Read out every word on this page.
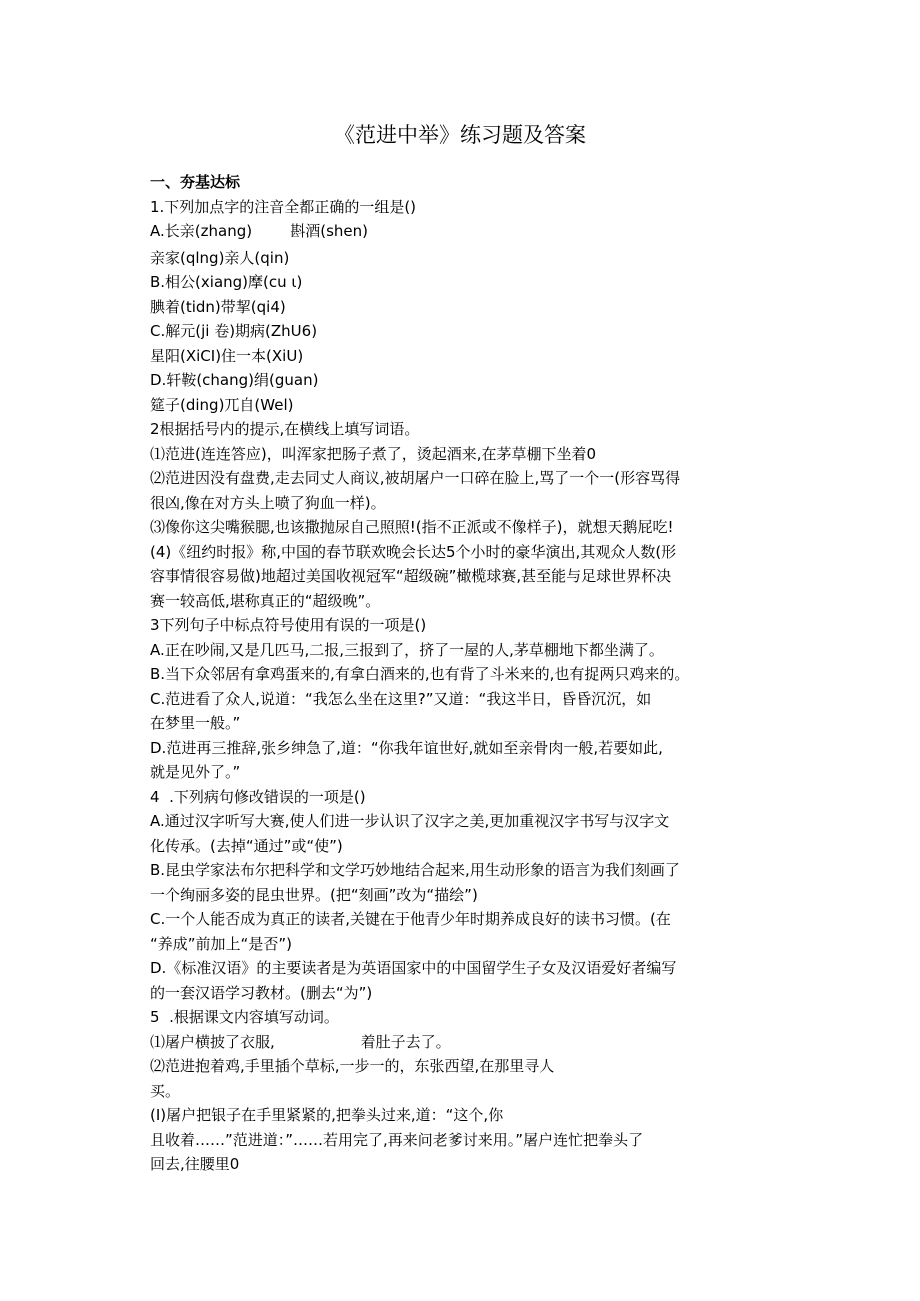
《范进中举》练习题及答案
一、夯基达标
1.下列加点字的注音全都正确的一组是()
A.长亲(zhang)        斟酒(shen)
亲家(qlng)亲人(qin)
B.相公(xiang)摩(cu ι)
腆着(tidn)带挈(qi4)
C.解元(ji 卷)期病(ZhU6)
星阳(XiCI)住一本(XiU)
D.轩鞍(chang)绢(guan)
筵子(ding)兀自(Wel)
2根据括号内的提示,在横线上填写词语。
⑴范进(连连答应)，叫浑家把肠子煮了，烫起酒来,在茅草棚下坐着0
⑵范进因没有盘费,走去同丈人商议,被胡屠户一口碎在脸上,骂了一个一(形容骂得
很凶,像在对方头上喷了狗血一样)。
⑶像你这尖嘴猴腮,也该撒抛尿自己照照!(指不正派或不像样子)，就想天鹅屁吃!
(4)《纽约时报》称,中国的春节联欢晚会长达5个小时的豪华演出,其观众人数(形
容事情很容易做)地超过美国收视冠军“超级碗”橄榄球赛,甚至能与足球世界杯决
赛一较高低,堪称真正的“超级晚”。
3下列句子中标点符号使用有误的一项是()
A.正在吵闹,又是几匹马,二报,三报到了，挤了一屋的人,茅草棚地下都坐满了。
B.当下众邻居有拿鸡蛋来的,有拿白酒来的,也有背了斗米来的,也有捉两只鸡来的。
C.范进看了众人,说道：“我怎么坐在这里?”又道：“我这半日，昏昏沉沉，如
在梦里一般。”
D.范进再三推辞,张乡绅急了,道：“你我年谊世好,就如至亲骨肉一般,若要如此,
就是见外了。”
4  .下列病句修改错误的一项是()
A.通过汉字听写大赛,使人们进一步认识了汉字之美,更加重视汉字书写与汉字文
化传承。(去掉“通过”或“使”)
B.昆虫学家法布尔把科学和文学巧妙地结合起来,用生动形象的语言为我们刻画了
一个绚丽多姿的昆虫世界。(把“刻画”改为“描绘”)
C.一个人能否成为真正的读者,关键在于他青少年时期养成良好的读书习惯。(在
“养成”前加上“是否”)
D.《标准汉语》的主要读者是为英语国家中的中国留学生子女及汉语爱好者编写
的一套汉语学习教材。(删去“为”)
5  .根据课文内容填写动词。
⑴屠户横披了衣服,                  着肚子去了。
⑵范进抱着鸡,手里插个草标,一步一的，东张西望,在那里寻人
买。
(I)屠户把银子在手里紧紧的,把拳头过来,道：“这个,你
且收着……”范进道：”……若用完了,再来问老爹讨来用。”屠户连忙把拳头了
回去,往腰里0
